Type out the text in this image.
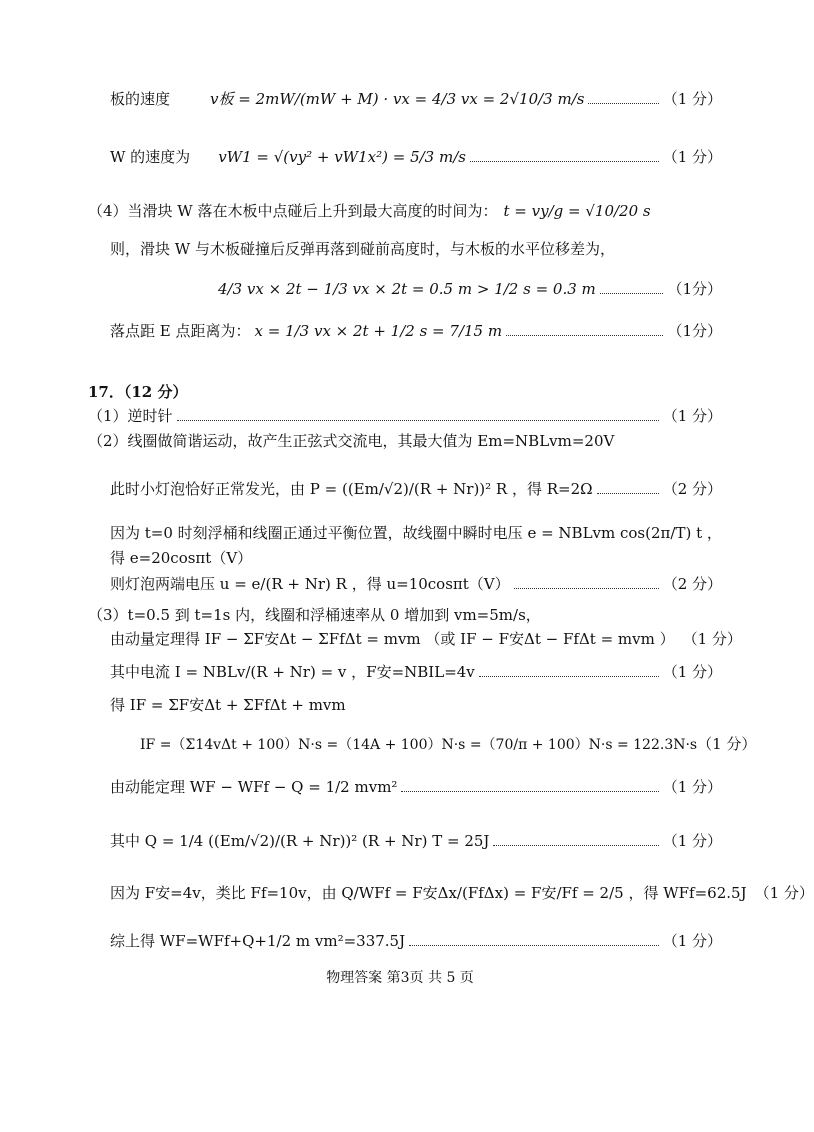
板的速度	v板 = 2mW/(mW + M) · vx = 4/3 vx = 2√10/3 m/s	（1 分）
W 的速度为 vW1 = √(vy² + vW1x²) = 5/3 m/s	（1 分）
（4）当滑块 W 落在木板中点碰后上升到最大高度的时间为： t = vy/g = √10/20 s
则，滑块 W 与木板碰撞后反弹再落到碰前高度时，与木板的水平位移差为，
4/3 vx × 2t − 1/3 vx × 2t = 0.5 m > 1/2 s = 0.3 m	（1分）
落点距 E 点距离为： x = 1/3 vx × 2t + 1/2 s = 7/15 m	（1分）
17．（12 分）
（1）逆时针	（1 分）
（2）线圈做简谐运动，故产生正弦式交流电，其最大值为 Em=NBLvm=20V
此时小灯泡恰好正常发光，由 P = ((Em/√2)/(R + Nr))² R ，得 R=2Ω	（2 分）
因为 t=0 时刻浮桶和线圈正通过平衡位置，故线圈中瞬时电压 e = NBLvm cos(2π/T) t ，
得 e=20cosπt（V）
则灯泡两端电压 u = e/(R + Nr) R ，得 u=10cosπt（V）	（2 分）
（3）t=0.5 到 t=1s 内，线圈和浮桶速率从 0 增加到 vm=5m/s，
由动量定理得 IF − ΣF安Δt − ΣFfΔt = mvm （或 IF − F安Δt − FfΔt = mvm ） （1 分）
其中电流 I = NBLv/(R + Nr) = v ，F安=NBIL=4v	（1 分）
得 IF = ΣF安Δt + ΣFfΔt + mvm
IF =（Σ14vΔt + 100）N·s =（14A + 100）N·s =（70/π + 100）N·s = 122.3N·s （1 分）
由动能定理 WF − WFf − Q = 1/2 mvm²	（1 分）
其中 Q = 1/4 ((Em/√2)/(R + Nr))² (R + Nr) T = 25J	（1 分）
因为 F安=4v，类比 Ff=10v，由 Q/WFf = F安Δx/(FfΔx) = F安/Ff = 2/5 ，得 WFf=62.5J （1 分）
综上得 WF=WFf+Q+1/2 m vm²=337.5J	（1 分）
物理答案 第3页 共 5 页
